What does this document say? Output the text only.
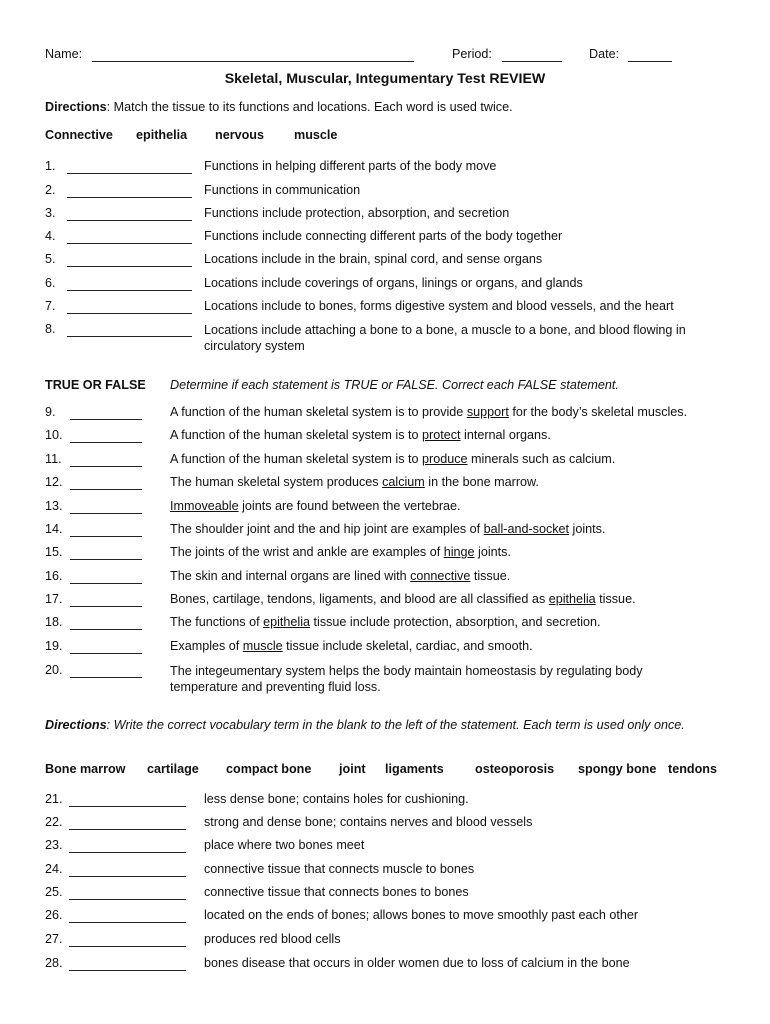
Name:	Period:	Date:
Skeletal, Muscular, Integumentary Test REVIEW
Directions: Match the tissue to its functions and locations. Each word is used twice.
Connective epithelia nervous muscle
1.	Functions in helping different parts of the body move
2.	Functions in communication
3.	Functions include protection, absorption, and secretion
4.	Functions include connecting different parts of the body together
5.	Locations include in the brain, spinal cord, and sense organs
6.	Locations include coverings of organs, linings or organs, and glands
7.	Locations include to bones, forms digestive system and blood vessels, and the heart
8.	Locations include attaching a bone to a bone, a muscle to a bone, and blood flowing in circulatory system
TRUE OR FALSE Determine if each statement is TRUE or FALSE. Correct each FALSE statement.
9.	A function of the human skeletal system is to provide support for the body’s skeletal muscles.
10.	A function of the human skeletal system is to protect internal organs.
11.	A function of the human skeletal system is to produce minerals such as calcium.
12.	The human skeletal system produces calcium in the bone marrow.
13.	Immoveable joints are found between the vertebrae.
14.	The shoulder joint and the and hip joint are examples of ball-and-socket joints.
15.	The joints of the wrist and ankle are examples of hinge joints.
16.	The skin and internal organs are lined with connective tissue.
17.	Bones, cartilage, tendons, ligaments, and blood are all classified as epithelia tissue.
18.	The functions of epithelia tissue include protection, absorption, and secretion.
19.	Examples of muscle tissue include skeletal, cardiac, and smooth.
20.	The integeumentary system helps the body maintain homeostasis by regulating body temperature and preventing fluid loss.
Directions: Write the correct vocabulary term in the blank to the left of the statement. Each term is used only once.
Bone marrow cartilage compact bone joint ligaments osteoporosis spongy bone tendons
21.	less dense bone; contains holes for cushioning.
22.	strong and dense bone; contains nerves and blood vessels
23.	place where two bones meet
24.	connective tissue that connects muscle to bones
25.	connective tissue that connects bones to bones
26.	located on the ends of bones; allows bones to move smoothly past each other
27.	produces red blood cells
28.	bones disease that occurs in older women due to loss of calcium in the bone
